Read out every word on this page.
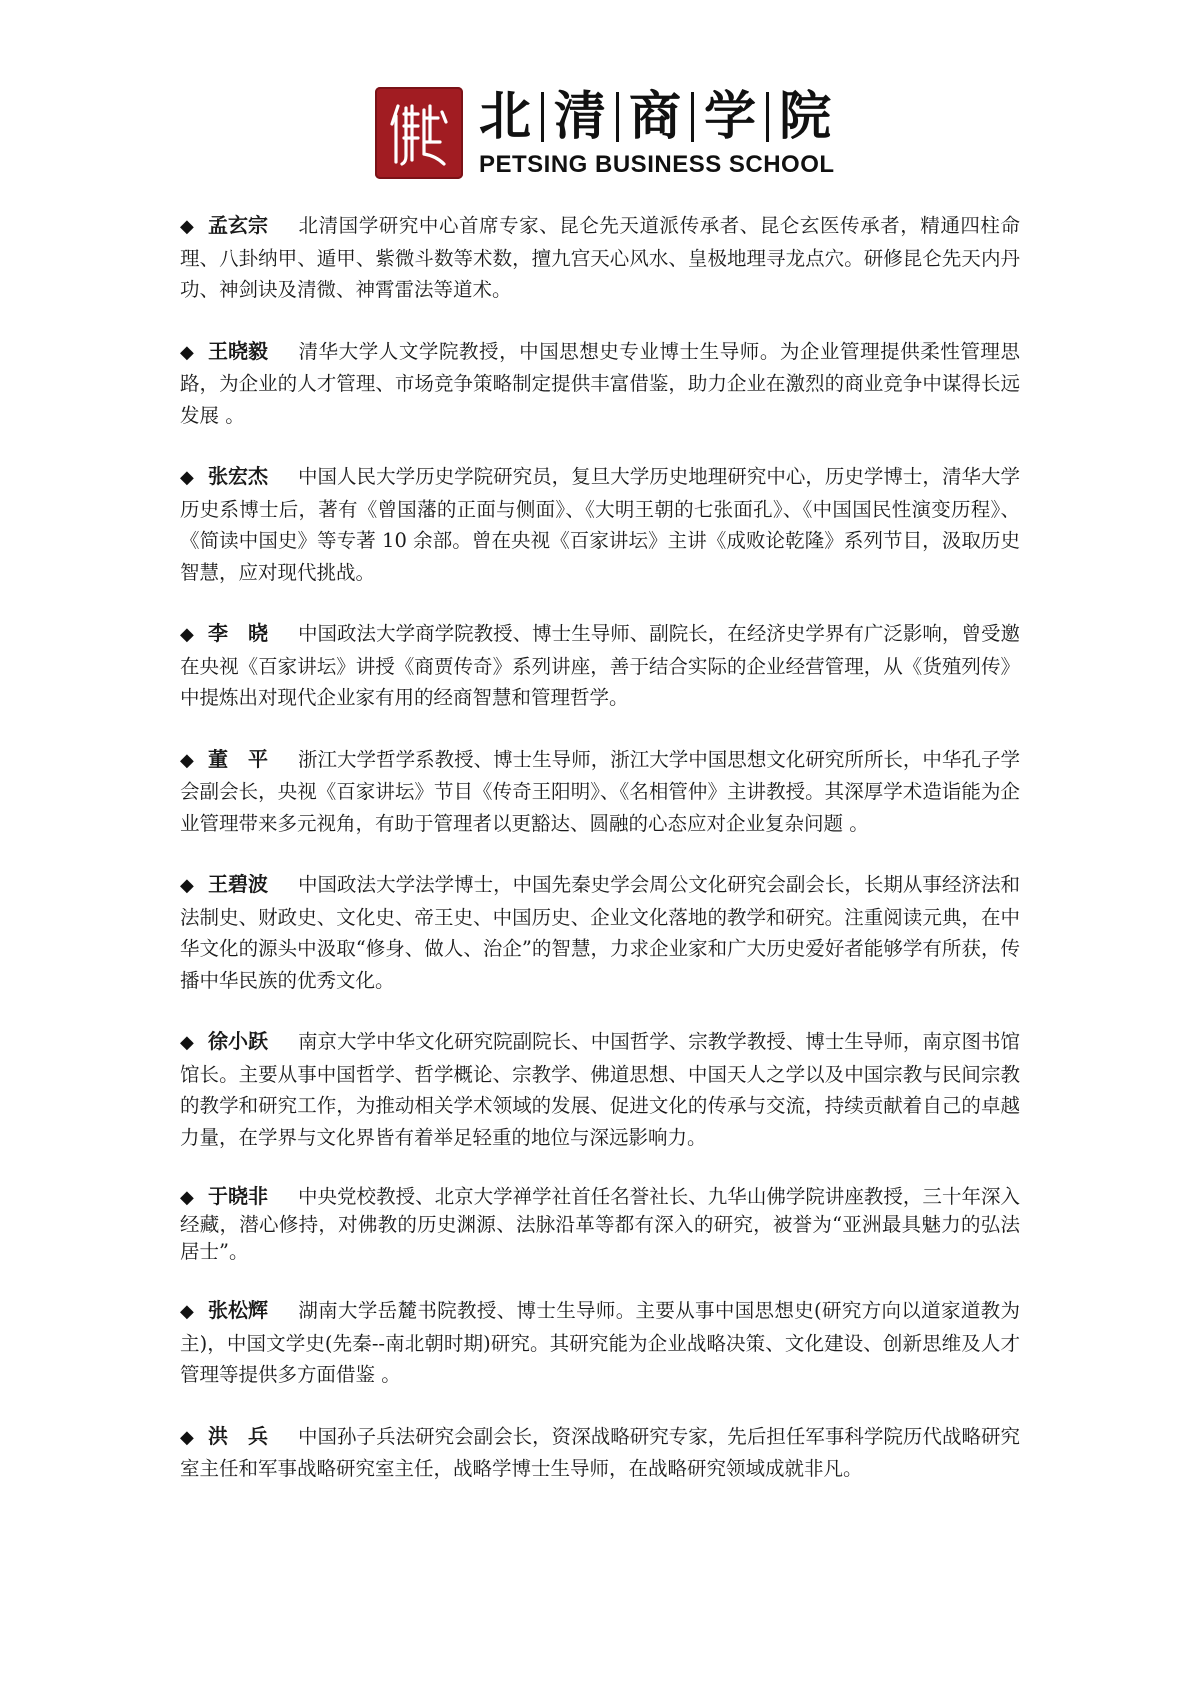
北 清 商 学 院
PETSING BUSINESS SCHOOL
◆ 孟玄宗 北清国学研究中心首席专家、昆仑先天道派传承者、昆仑玄医传承者，精通四柱命理、八卦纳甲、遁甲、紫微斗数等术数，擅九宫天心风水、皇极地理寻龙点穴。研修昆仑先天内丹功、神剑诀及清微、神霄雷法等道术。
◆ 王晓毅 清华大学人文学院教授，中国思想史专业博士生导师。为企业管理提供柔性管理思路，为企业的人才管理、市场竞争策略制定提供丰富借鉴，助力企业在激烈的商业竞争中谋得长远发展 。
◆ 张宏杰 中国人民大学历史学院研究员，复旦大学历史地理研究中心，历史学博士，清华大学历史系博士后，著有《曾国藩的正面与侧面》、《大明王朝的七张面孔》、《中国国民性演变历程》、《简读中国史》等专著 10 余部。曾在央视《百家讲坛》主讲《成败论乾隆》系列节目，汲取历史智慧，应对现代挑战。
◆ 李　晓 中国政法大学商学院教授、博士生导师、副院长，在经济史学界有广泛影响，曾受邀在央视《百家讲坛》讲授《商贾传奇》系列讲座，善于结合实际的企业经营管理，从《货殖列传》中提炼出对现代企业家有用的经商智慧和管理哲学。
◆ 董　平 浙江大学哲学系教授、博士生导师，浙江大学中国思想文化研究所所长，中华孔子学会副会长，央视《百家讲坛》节目《传奇王阳明》、《名相管仲》主讲教授。其深厚学术造诣能为企业管理带来多元视角，有助于管理者以更豁达、圆融的心态应对企业复杂问题 。
◆ 王碧波 中国政法大学法学博士，中国先秦史学会周公文化研究会副会长，长期从事经济法和法制史、财政史、文化史、帝王史、中国历史、企业文化落地的教学和研究。注重阅读元典，在中华文化的源头中汲取“修身、做人、治企”的智慧，力求企业家和广大历史爱好者能够学有所获，传播中华民族的优秀文化。
◆ 徐小跃 南京大学中华文化研究院副院长、中国哲学、宗教学教授、博士生导师，南京图书馆馆长。主要从事中国哲学、哲学概论、宗教学、佛道思想、中国天人之学以及中国宗教与民间宗教的教学和研究工作，为推动相关学术领域的发展、促进文化的传承与交流，持续贡献着自己的卓越力量，在学界与文化界皆有着举足轻重的地位与深远影响力。
◆ 于晓非 中央党校教授、北京大学禅学社首任名誉社长、九华山佛学院讲座教授，三十年深入经藏，潜心修持，对佛教的历史渊源、法脉沿革等都有深入的研究，被誉为“亚洲最具魅力的弘法居士”。
◆ 张松辉 湖南大学岳麓书院教授、博士生导师。主要从事中国思想史(研究方向以道家道教为主)，中国文学史(先秦--南北朝时期)研究。其研究能为企业战略决策、文化建设、创新思维及人才管理等提供多方面借鉴 。
◆ 洪　兵 中国孙子兵法研究会副会长，资深战略研究专家，先后担任军事科学院历代战略研究室主任和军事战略研究室主任，战略学博士生导师，在战略研究领域成就非凡。
